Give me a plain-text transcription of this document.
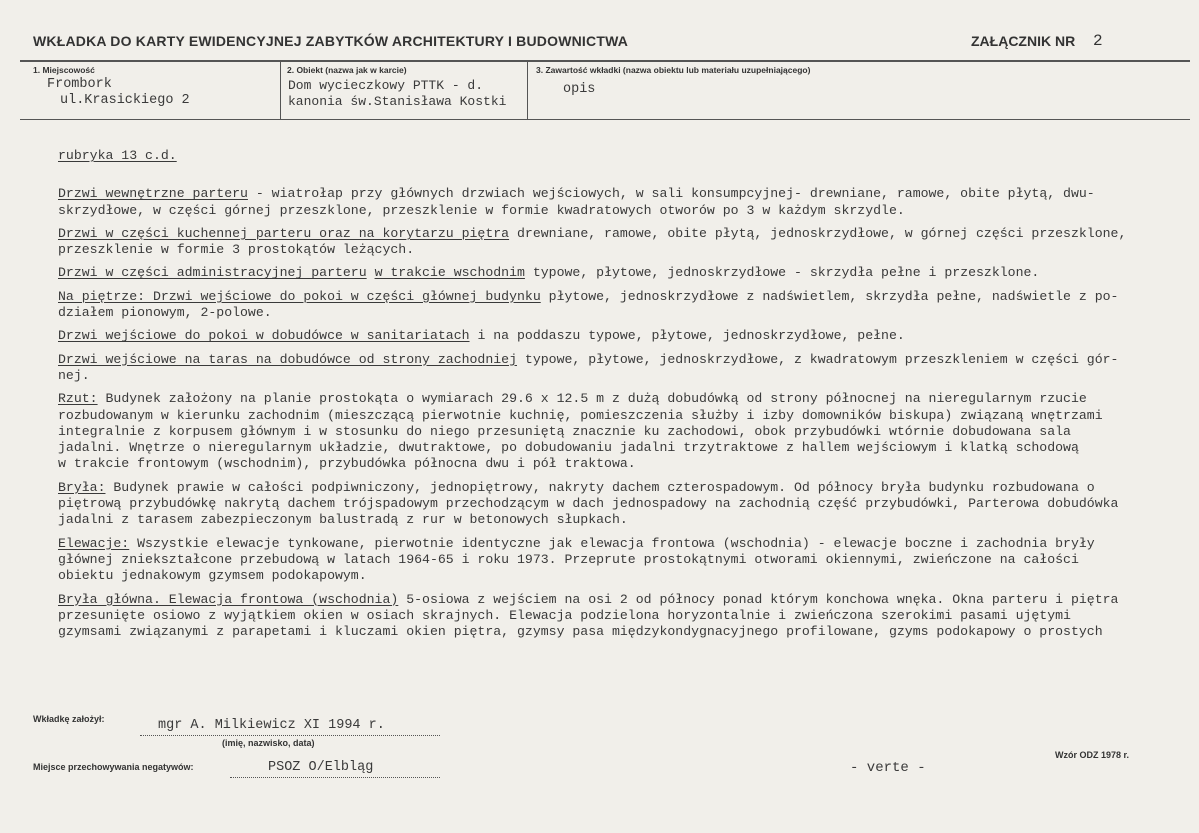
WKŁADKA DO KARTY EWIDENCYJNEJ ZABYTKÓW ARCHITEKTURY I BUDOWNICTWA	ZAŁĄCZNIK NR 2
1. Miejscowość
Frombork
ul.Krasickiego 2
2. Obiekt (nazwa jak w karcie)
Dom wycieczkowy PTTK - d.
kanonia św.Stanisława Kostki
3. Zawartość wkładki (nazwa obiektu lub materiału uzupełniającego)
opis

rubryka 13 c.d.

Drzwi wewnętrzne parteru - wiatrołap przy głównych drzwiach wejściowych, w sali konsumpcyjnej- drewniane, ramowe, obite płytą, dwu-

skrzydłowe, w części górnej przeszklone, przeszklenie w formie kwadratowych otworów po 3 w każdym skrzydle.

Drzwi w części kuchennej parteru oraz na korytarzu piętra drewniane, ramowe, obite płytą, jednoskrzydłowe, w górnej części przeszklone,

przeszklenie w formie 3 prostokątów leżących.

Drzwi w części administracyjnej parteru w trakcie wschodnim typowe, płytowe, jednoskrzydłowe - skrzydła pełne i przeszklone.

Na piętrze: Drzwi wejściowe do pokoi w części głównej budynku płytowe, jednoskrzydłowe z nadświetlem, skrzydła pełne, nadświetle z po-

działem pionowym, 2-polowe.

Drzwi wejściowe do pokoi w dobudówce w sanitariatach i na poddaszu typowe, płytowe, jednoskrzydłowe, pełne.

Drzwi wejściowe na taras na dobudówce od strony zachodniej typowe, płytowe, jednoskrzydłowe, z kwadratowym przeszkleniem w części gór-

nej.

Rzut: Budynek założony na planie prostokąta o wymiarach 29.6 x 12.5 m z dużą dobudówką od strony północnej na nieregularnym rzucie

rozbudowanym w kierunku zachodnim (mieszczącą pierwotnie kuchnię, pomieszczenia służby i izby domowników biskupa) związaną wnętrzami

integralnie z korpusem głównym i w stosunku do niego przesuniętą znacznie ku zachodowi, obok przybudówki wtórnie dobudowana sala

jadalni. Wnętrze o nieregularnym układzie, dwutraktowe, po dobudowaniu jadalni trzytraktowe z hallem wejściowym i klatką schodową

w trakcie frontowym (wschodnim), przybudówka północna dwu i pół traktowa.

Bryła: Budynek prawie w całości podpiwniczony, jednopiętrowy, nakryty dachem czterospadowym. Od północy bryła budynku rozbudowana o

piętrową przybudówkę nakrytą dachem trójspadowym przechodzącym w dach jednospadowy na zachodnią część przybudówki, Parterowa dobudówka

jadalni z tarasem zabezpieczonym balustradą z rur w betonowych słupkach.

Elewacje: Wszystkie elewacje tynkowane, pierwotnie identyczne jak elewacja frontowa (wschodnia) - elewacje boczne i zachodnia bryły

głównej zniekształcone przebudową w latach 1964-65 i roku 1973. Przeprute prostokątnymi otworami okiennymi, zwieńczone na całości

obiektu jednakowym gzymsem podokapowym.

Bryła główna. Elewacja frontowa (wschodnia) 5-osiowa z wejściem na osi 2 od północy ponad którym konchowa wnęka. Okna parteru i piętra

przesunięte osiowo z wyjątkiem okien w osiach skrajnych. Elewacja podzielona horyzontalnie i zwieńczona szerokimi pasami ujętymi

gzymsami związanymi z parapetami i kluczami okien piętra, gzymsy pasa międzykondygnacyjnego profilowane, gzyms podokapowy o prostych

Wkładkę założył:	mgr A. Milkiewicz XI 1994 r.
(imię, nazwisko, data)
Miejsce przechowywania negatywów:	PSOZ O/Elbląg	- verte -
Wzór ODZ 1978 r.
